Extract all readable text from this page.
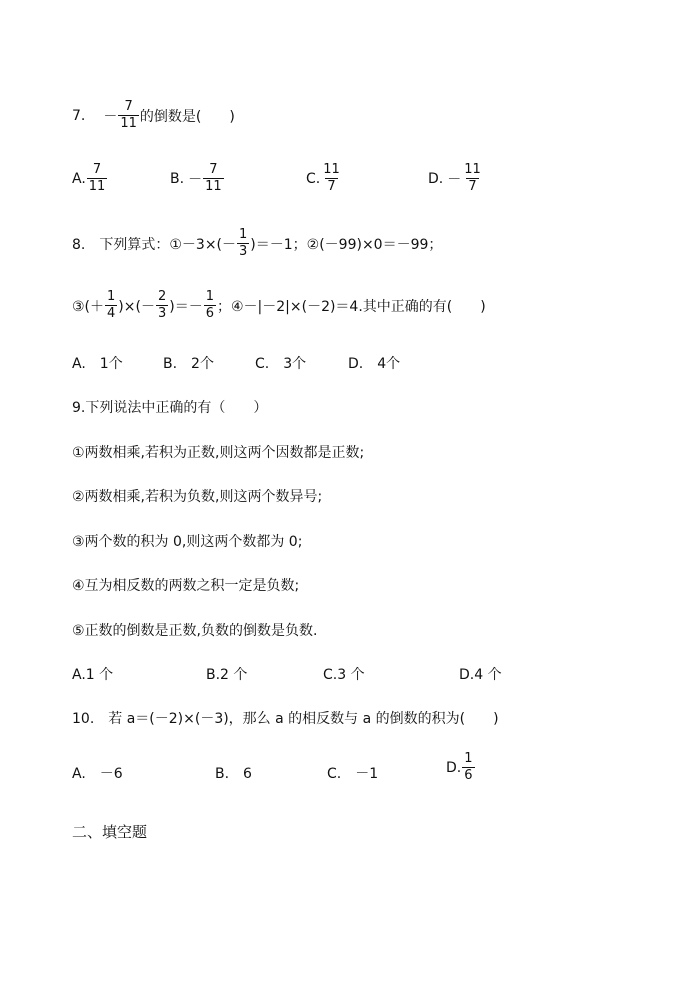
7. － $\frac{7}{11}$ 的倒数是(　　)
A. $\frac{7}{11}$	B. － $\frac{7}{11}$	C. $\frac{11}{7}$	D. － $\frac{11}{7}$
8.　下列算式：①－3×(－ $\frac{1}{3} )=-1$；②(－99)×0＝－99；
③(＋ $\frac{1}{4}$ )×(－ $\frac{2}{3}$ )＝－ $\frac{1}{6}$ ；④－|－2|×(－2)＝4.其中正确的有(　　)
A.　1个	B.　2个	C.　3个	D.　4个
9.下列说法中正确的有（　　）
①两数相乘,若积为正数,则这两个因数都是正数;
②两数相乘,若积为负数,则这两个数异号;
③两个数的积为 0,则这两个数都为 0;
④互为相反数的两数之积一定是负数;
⑤正数的倒数是正数,负数的倒数是负数.
A.1 个	B.2 个	C.3 个	D.4 个
10.　若 a＝(－2)×(－3)，那么 a 的相反数与 a 的倒数的积为(　　)
A.　－6	B.　6	C.　－1	D. $\frac{1}{6}$
二、填空题
